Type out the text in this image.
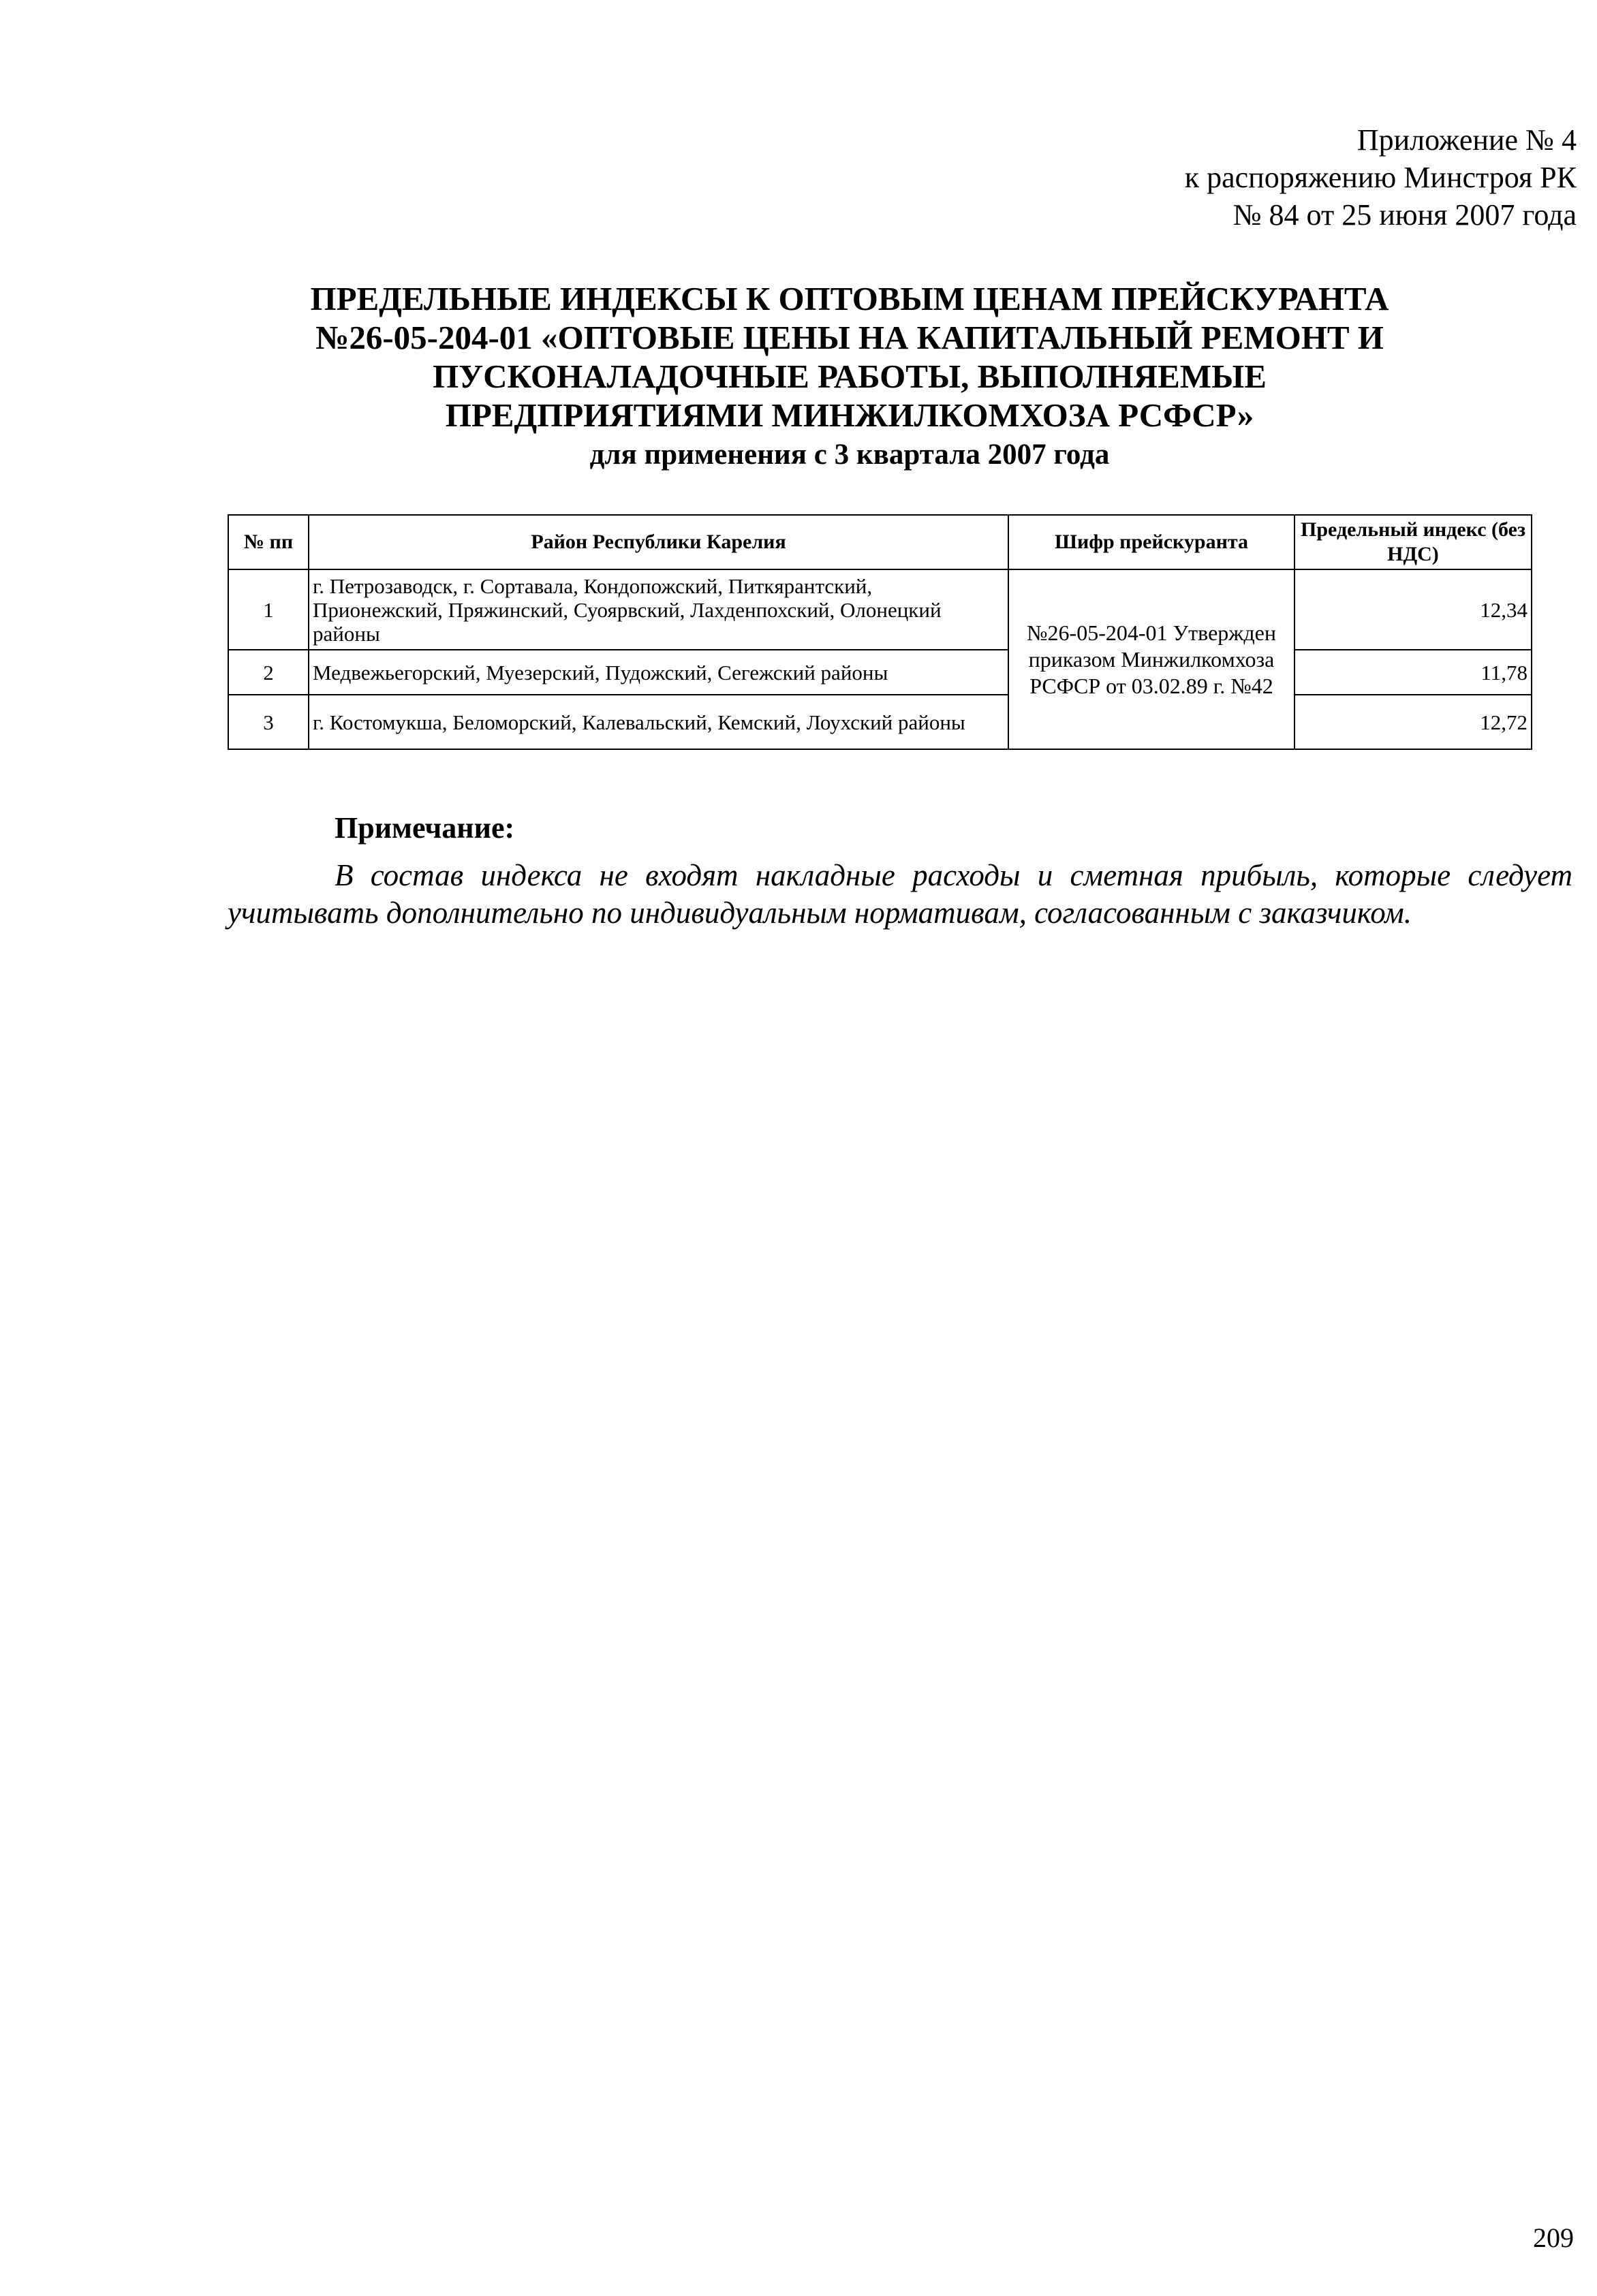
Приложение № 4
к распоряжению Минстроя РК
№ 84 от 25 июня 2007 года
ПРЕДЕЛЬНЫЕ ИНДЕКСЫ К ОПТОВЫМ ЦЕНАМ ПРЕЙСКУРАНТА
№26-05-204-01 «ОПТОВЫЕ ЦЕНЫ НА КАПИТАЛЬНЫЙ РЕМОНТ И
ПУСКОНАЛАДОЧНЫЕ РАБОТЫ, ВЫПОЛНЯЕМЫЕ
ПРЕДПРИЯТИЯМИ МИНЖИЛКОМХОЗА РСФСР»
для применения с 3 квартала 2007 года
№ пп	Район Республики Карелия	Шифр прейскуранта	Предельный индекс (без НДС)
1	г. Петрозаводск, г. Сортавала, Кондопожский, Питкярантский, Прионежский, Пряжинский, Суоярвский, Лахденпохский, Олонецкий районы	№26-05-204-01 Утвержден приказом Минжилкомхоза РСФСР от 03.02.89 г. №42	12,34
2	Медвежьегорский, Муезерский, Пудожский, Сегежский районы		11,78
3	г. Костомукша, Беломорский, Калевальский, Кемский, Лоухский районы		12,72
Примечание:
В состав индекса не входят накладные расходы и сметная прибыль, которые следует учитывать дополнительно по индивидуальным нормативам, согласованным с заказчиком.
209
